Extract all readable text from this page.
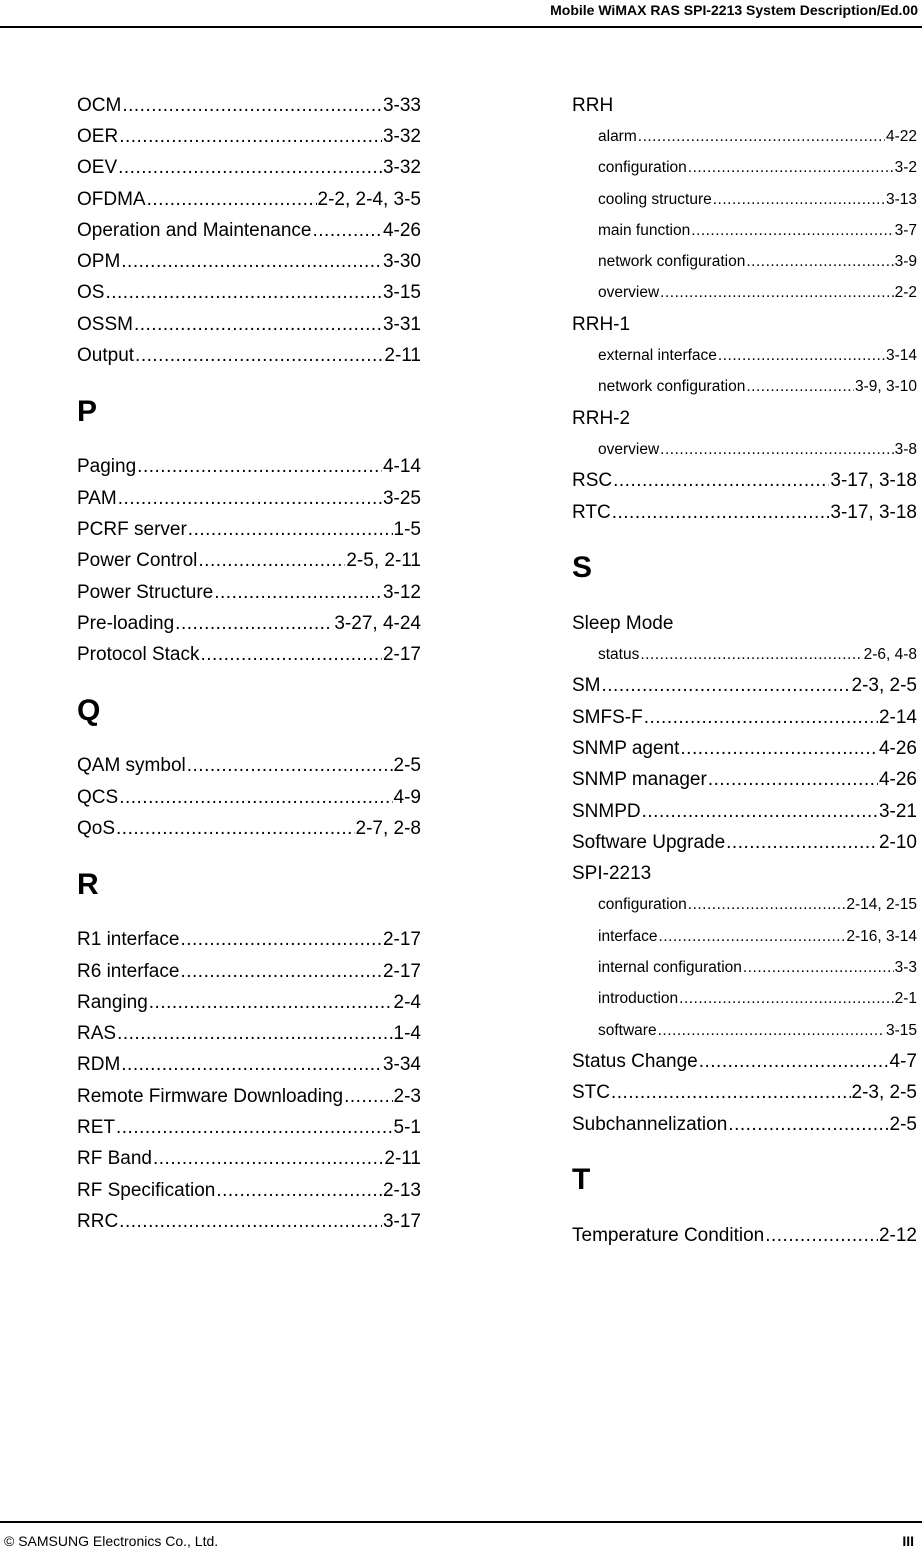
Mobile WiMAX RAS SPI-2213 System Description/Ed.00
OCM .....	3-33
OER .....	3-32
OEV .....	3-32
OFDMA .....	2-2, 2-4, 3-5
Operation and Maintenance .....	4-26
OPM .....	3-30
OS .....	3-15
OSSM .....	3-31
Output .....	2-11
P
Paging .....	4-14
PAM .....	3-25
PCRF server .....	1-5
Power Control .....	2-5, 2-11
Power Structure .....	3-12
Pre-loading .....	3-27, 4-24
Protocol Stack .....	2-17
Q
QAM symbol .....	2-5
QCS .....	4-9
QoS .....	2-7, 2-8
R
R1 interface .....	2-17
R6 interface .....	2-17
Ranging .....	2-4
RAS .....	1-4
RDM .....	3-34
Remote Firmware Downloading .....	2-3
RET .....	5-1
RF Band .....	2-11
RF Specification .....	2-13
RRC .....	3-17
RRH
alarm .....	4-22
configuration .....	3-2
cooling structure .....	3-13
main function .....	3-7
network configuration .....	3-9
overview .....	2-2
RRH-1
external interface .....	3-14
network configuration .....	3-9, 3-10
RRH-2
overview .....	3-8
RSC .....	3-17, 3-18
RTC .....	3-17, 3-18
S
Sleep Mode
status .....	2-6, 4-8
SM .....	2-3, 2-5
SMFS-F .....	2-14
SNMP agent .....	4-26
SNMP manager .....	4-26
SNMPD .....	3-21
Software Upgrade .....	2-10
SPI-2213
configuration .....	2-14, 2-15
interface .....	2-16, 3-14
internal configuration .....	3-3
introduction .....	2-1
software .....	3-15
Status Change .....	4-7
STC .....	2-3, 2-5
Subchannelization .....	2-5
T
Temperature Condition .....	2-12
© SAMSUNG Electronics Co., Ltd.	III
